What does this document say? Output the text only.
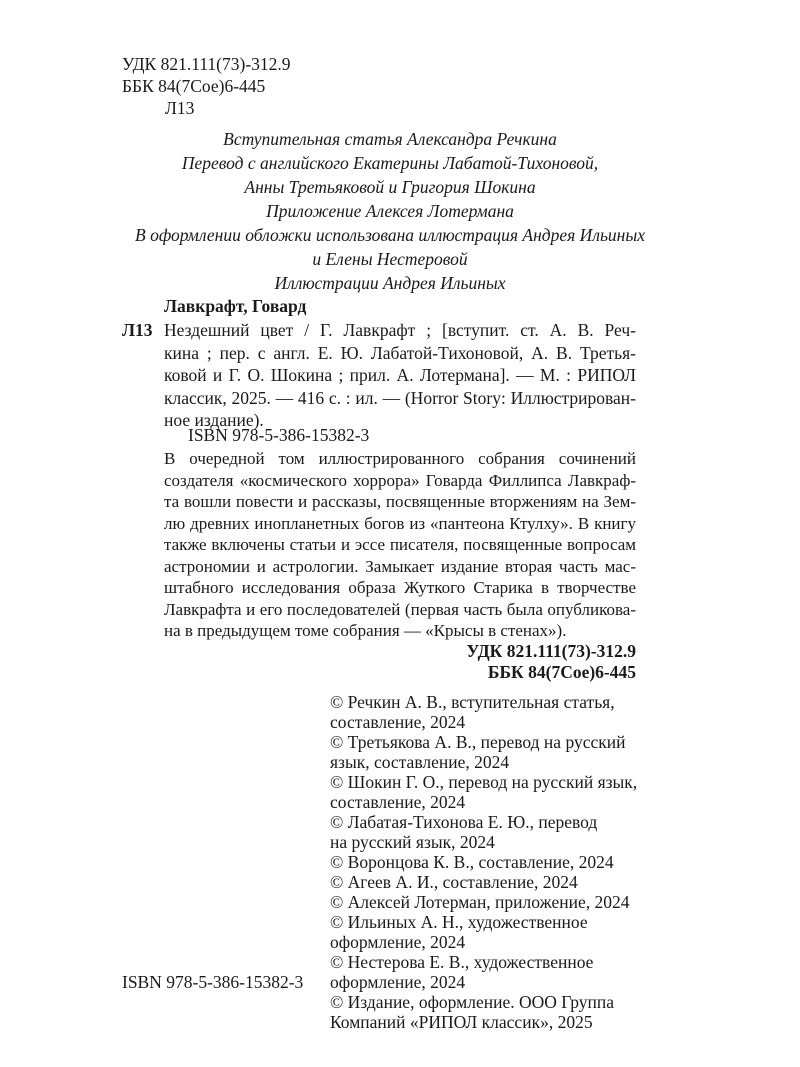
УДК 821.111(73)-312.9
ББК 84(7Сое)6-445
Л13
Вступительная статья Александра Речкина
Перевод с английского Екатерины Лабатой-Тихоновой,
Анны Третьяковой и Григория Шокина
Приложение Алексея Лотермана
В оформлении обложки использована иллюстрация Андрея Ильиных
и Елены Нестеровой
Иллюстрации Андрея Ильиных
Лавкрафт, Говард
Л13 Нездешний цвет / Г. Лавкрафт ; [вступит. ст. А. В. Реч-
кина ; пер. с англ. Е. Ю. Лабатой-Тихоновой, А. В. Третья-
ковой и Г. О. Шокина ; прил. А. Лотермана]. — М. : РИПОЛ
классик, 2025. — 416 с. : ил. — (Horror Story: Иллюстрирован-
ное издание).
ISBN 978-5-386-15382-3
В очередной том иллюстрированного собрания сочинений
создателя «космического хоррора» Говарда Филлипса Лавкраф-
та вошли повести и рассказы, посвященные вторжениям на Зем-
лю древних инопланетных богов из «пантеона Ктулху». В книгу
также включены статьи и эссе писателя, посвященные вопросам
астрономии и астрологии. Замыкает издание вторая часть мас-
штабного исследования образа Жуткого Старика в творчестве
Лавкрафта и его последователей (первая часть была опубликова-
на в предыдущем томе собрания — «Крысы в стенах»).
УДК 821.111(73)-312.9
ББК 84(7Сое)6-445
© Речкин А. В., вступительная статья,
составление, 2024
© Третьякова А. В., перевод на русский
язык, составление, 2024
© Шокин Г. О., перевод на русский язык,
составление, 2024
© Лабатая-Тихонова Е. Ю., перевод
на русский язык, 2024
© Воронцова К. В., составление, 2024
© Агеев А. И., составление, 2024
© Алексей Лотерман, приложение, 2024
© Ильиных А. Н., художественное
оформление, 2024
© Нестерова Е. В., художественное
оформление, 2024
© Издание, оформление. ООО Группа
Компаний «РИПОЛ классик», 2025
ISBN 978-5-386-15382-3
